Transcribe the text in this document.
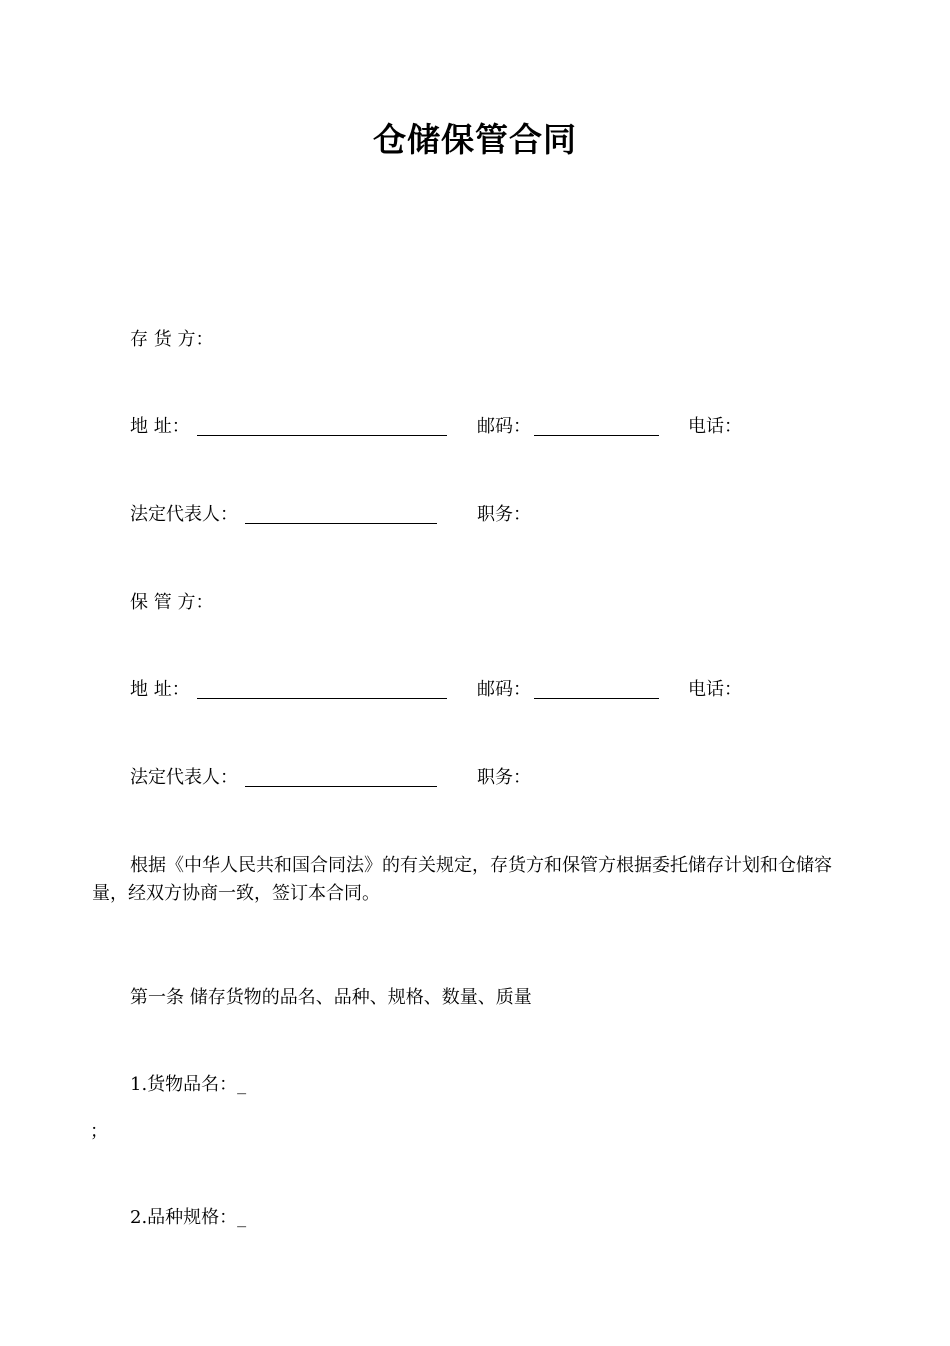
仓储保管合同
存 货 方：
地 址：	邮码：	电话：
法定代表人：	职务：
保 管 方：
地 址：	邮码：	电话：
法定代表人：	职务：
根据《中华人民共和国合同法》的有关规定，存货方和保管方根据委托储存计划和仓储容量，经双方协商一致，签订本合同。
第一条 储存货物的品名、品种、规格、数量、质量
1.货物品名：_
；
2.品种规格：_
